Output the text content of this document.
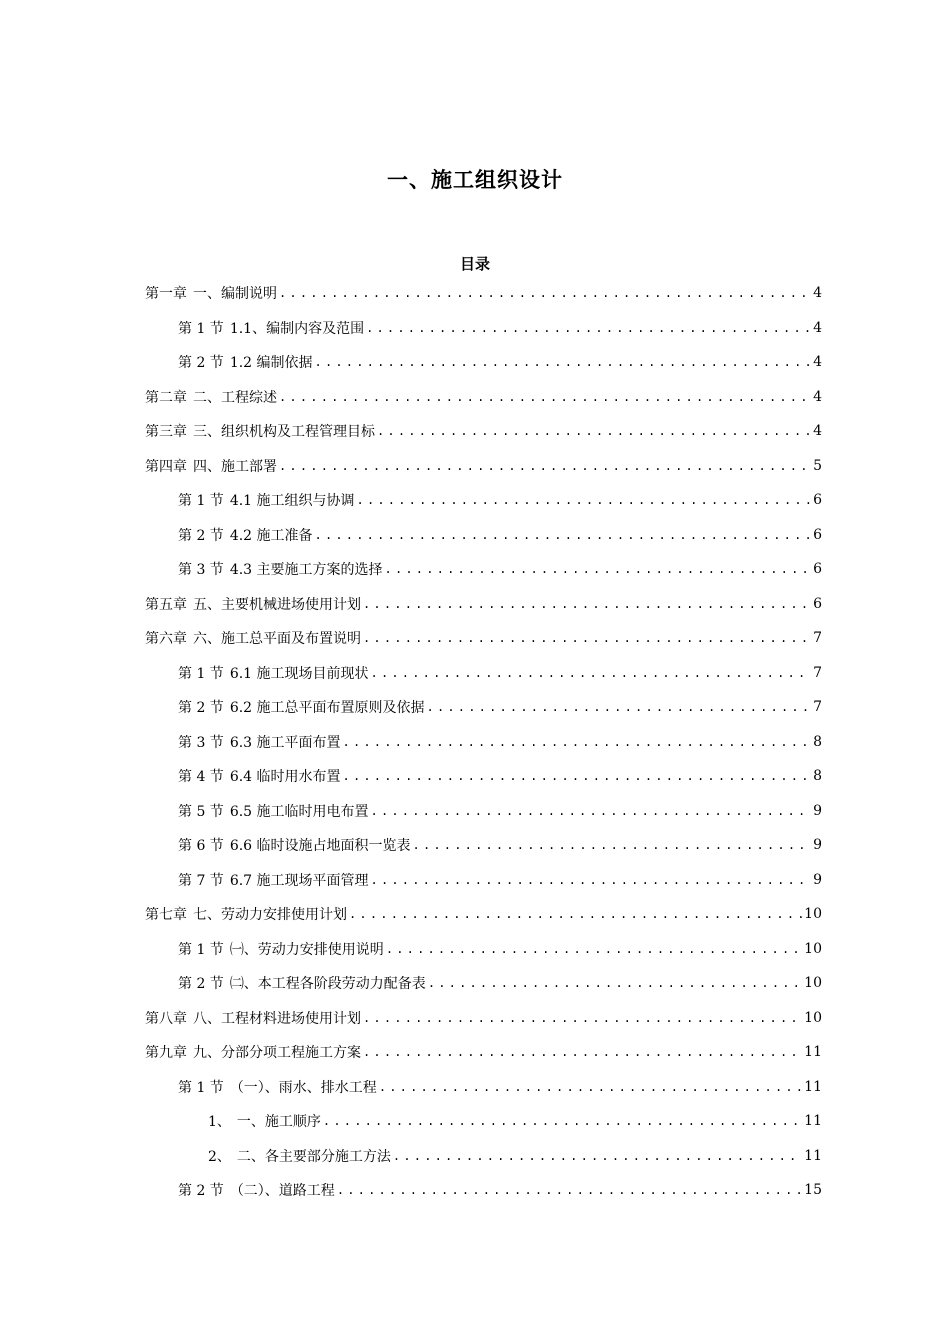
一、施工组织设计
目录
第一章 一、编制说明 .....	4
第 1 节 1.1、编制内容及范围 .....	4
第 2 节 1.2 编制依据 .....	4
第二章 二、工程综述 .....	4
第三章 三、组织机构及工程管理目标 .....	4
第四章 四、施工部署 .....	5
第 1 节 4.1 施工组织与协调 .....	6
第 2 节 4.2 施工准备 .....	6
第 3 节 4.3 主要施工方案的选择 .....	6
第五章 五、主要机械进场使用计划 .....	6
第六章 六、施工总平面及布置说明 .....	7
第 1 节 6.1 施工现场目前现状 .....	7
第 2 节 6.2 施工总平面布置原则及依据 .....	7
第 3 节 6.3 施工平面布置 .....	8
第 4 节 6.4 临时用水布置 .....	8
第 5 节 6.5 施工临时用电布置 .....	9
第 6 节 6.6 临时设施占地面积一览表 .....	9
第 7 节 6.7 施工现场平面管理 .....	9
第七章 七、劳动力安排使用计划 .....	10
第 1 节 ㈠、劳动力安排使用说明 .....	10
第 2 节 ㈡、本工程各阶段劳动力配备表 .....	10
第八章 八、工程材料进场使用计划 .....	10
第九章 九、分部分项工程施工方案 .....	11
第 1 节 （一）、雨水、排水工程 .....	11
1、 一、施工顺序 .....	11
2、 二、各主要部分施工方法 .....	11
第 2 节 （二）、道路工程 .....	15
